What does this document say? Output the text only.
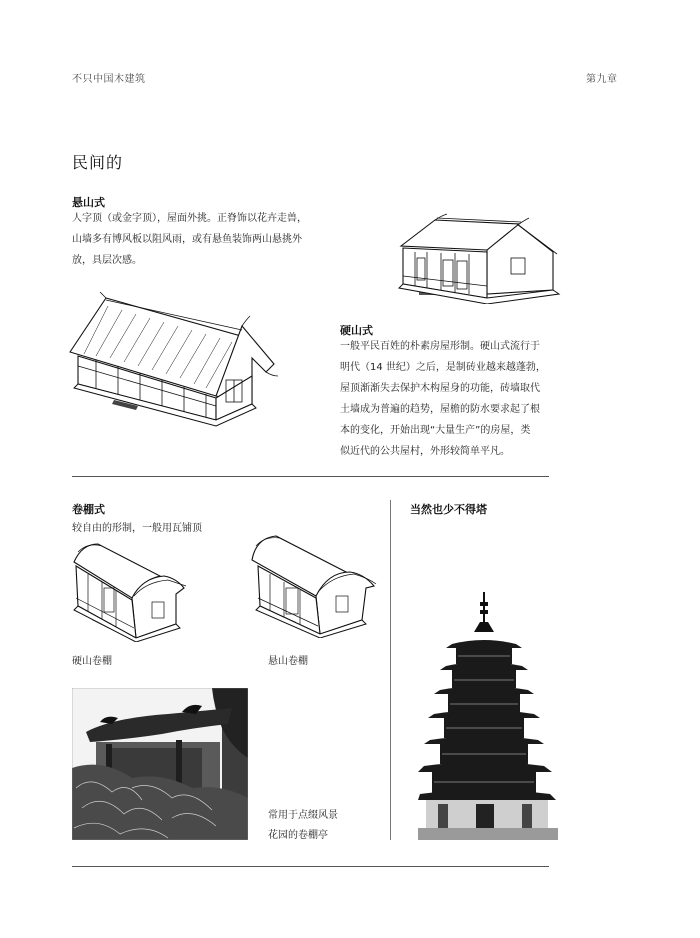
不只中国木建筑	第九章
民间的
悬山式
人字顶（或金字顶），屋面外挑。正脊饰以花卉走兽，
山墙多有博风板以阻风雨，或有悬鱼装饰两山悬挑外
放，具层次感。
硬山式
一般平民百姓的朴素房屋形制。硬山式流行于
明代（14 世纪）之后，是制砖业越来越蓬勃，
屋顶渐渐失去保护木构屋身的功能，砖墙取代
土墙成为普遍的趋势，屋檐的防水要求起了根
本的变化，开始出现“大量生产”的房屋，类
似近代的公共屋村，外形较简单平凡。
卷棚式
较自由的形制，一般用瓦铺顶
硬山卷棚	悬山卷棚
常用于点缀风景
花园的卷棚亭
当然也少不得塔
